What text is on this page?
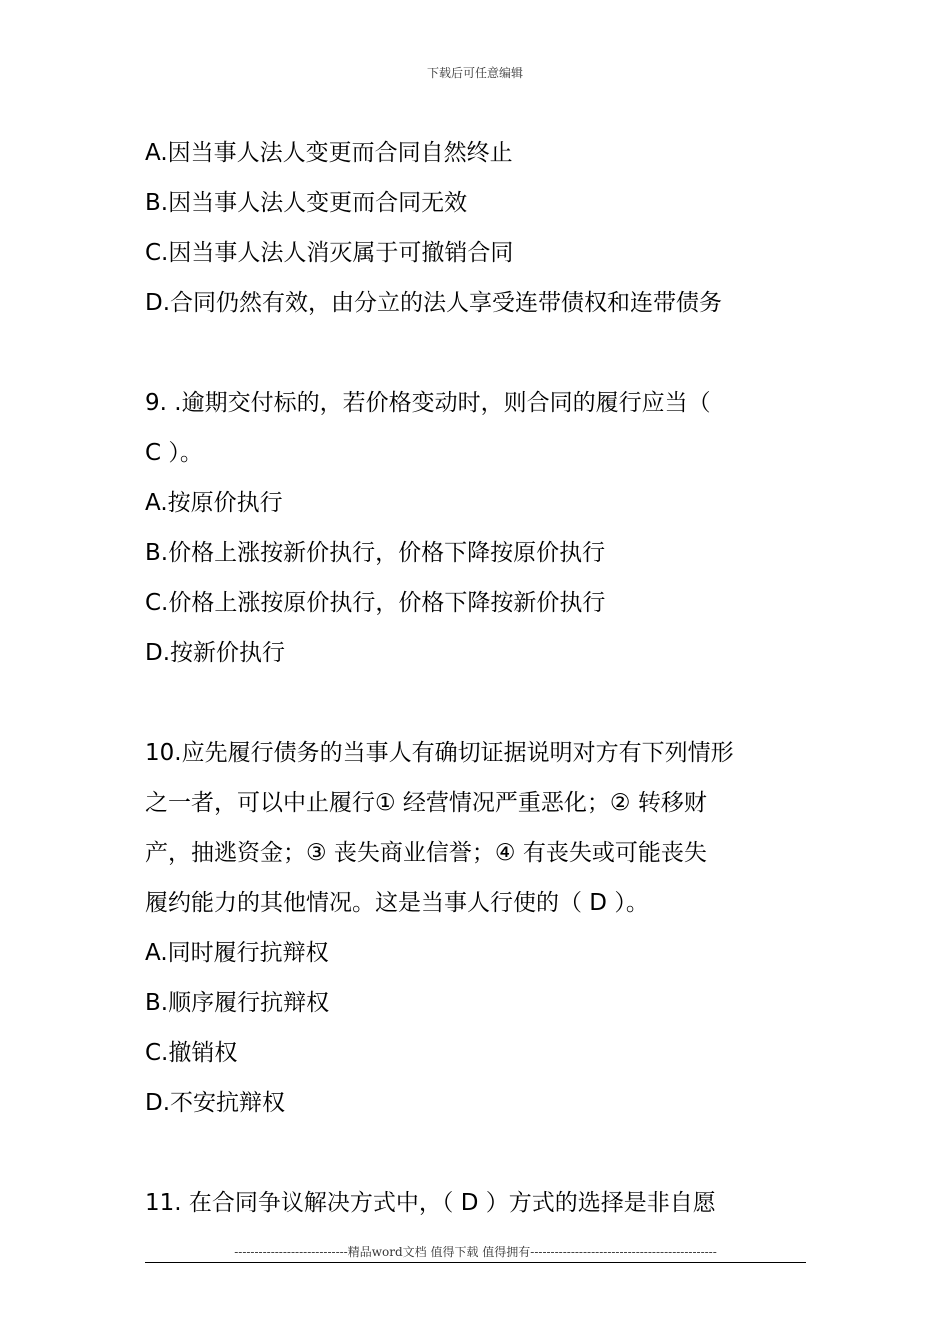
下载后可任意编辑
A.因当事人法人变更而合同自然终止
B.因当事人法人变更而合同无效
C.因当事人法人消灭属于可撤销合同
D.合同仍然有效，由分立的法人享受连带债权和连带债务
9. .逾期交付标的，若价格变动时，则合同的履行应当（
C ）。
A.按原价执行
B.价格上涨按新价执行，价格下降按原价执行
C.价格上涨按原价执行，价格下降按新价执行
D.按新价执行
10.应先履行债务的当事人有确切证据说明对方有下列情形
之一者，可以中止履行① 经营情况严重恶化；② 转移财
产，抽逃资金；③ 丧失商业信誉；④ 有丧失或可能丧失
履约能力的其他情况。这是当事人行使的（ D ）。
A.同时履行抗辩权
B.顺序履行抗辩权
C.撤销权
D.不安抗辩权
11. 在合同争议解决方式中，（ D ）方式的选择是非自愿
----------------------------精品word文档 值得下载 值得拥有----------------------------------------------
